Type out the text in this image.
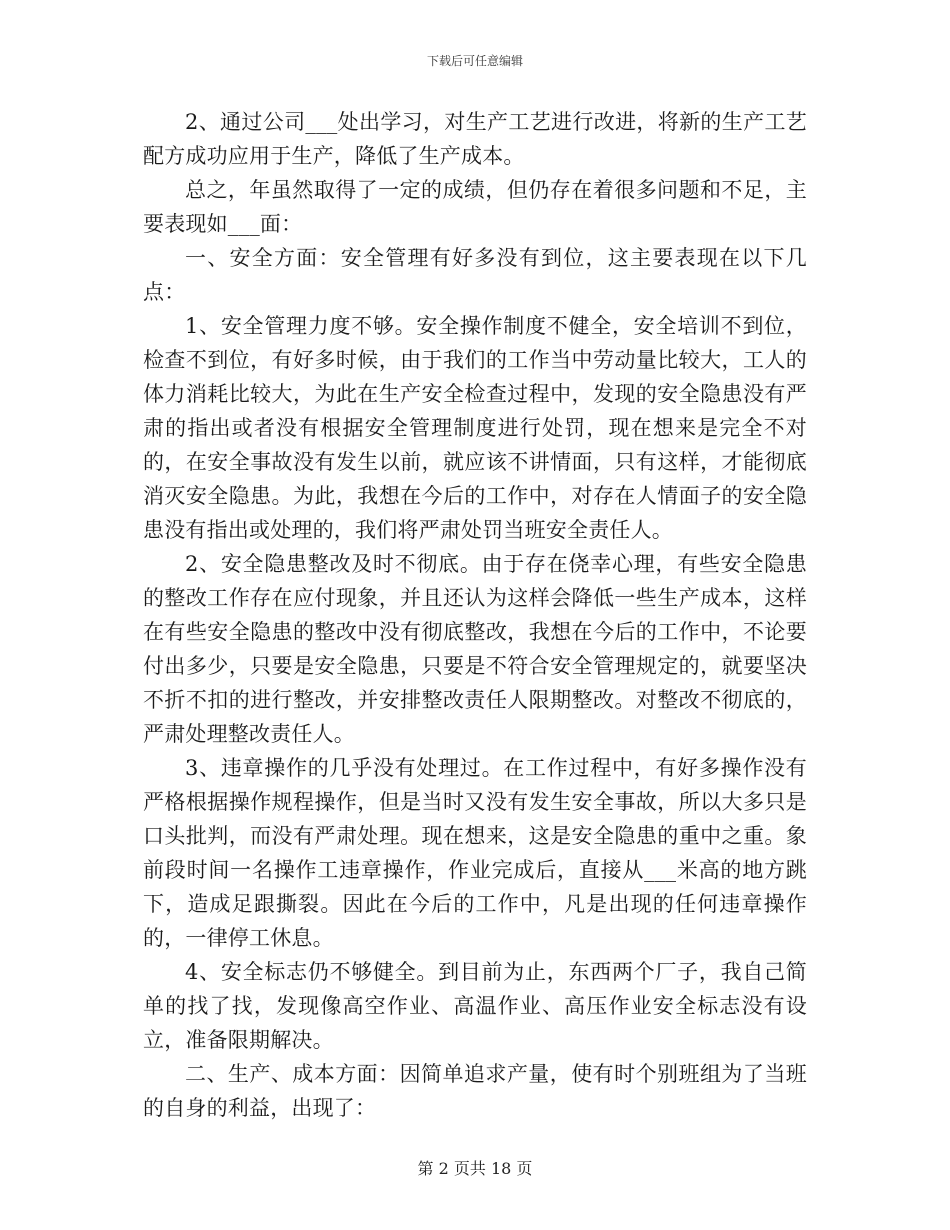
下载后可任意编辑

2、通过公司___处出学习，对生产工艺进行改进，将新的生产工艺配方成功应用于生产，降低了生产成本。

总之，年虽然取得了一定的成绩，但仍存在着很多问题和不足，主要表现如___面：

一、安全方面：安全管理有好多没有到位，这主要表现在以下几点：

1、安全管理力度不够。安全操作制度不健全，安全培训不到位，检查不到位，有好多时候，由于我们的工作当中劳动量比较大，工人的体力消耗比较大，为此在生产安全检查过程中，发现的安全隐患没有严肃的指出或者没有根据安全管理制度进行处罚，现在想来是完全不对的，在安全事故没有发生以前，就应该不讲情面，只有这样，才能彻底消灭安全隐患。为此，我想在今后的工作中，对存在人情面子的安全隐患没有指出或处理的，我们将严肃处罚当班安全责任人。

2、安全隐患整改及时不彻底。由于存在侥幸心理，有些安全隐患的整改工作存在应付现象，并且还认为这样会降低一些生产成本，这样在有些安全隐患的整改中没有彻底整改，我想在今后的工作中，不论要付出多少，只要是安全隐患，只要是不符合安全管理规定的，就要坚决不折不扣的进行整改，并安排整改责任人限期整改。对整改不彻底的，严肃处理整改责任人。

3、违章操作的几乎没有处理过。在工作过程中，有好多操作没有严格根据操作规程操作，但是当时又没有发生安全事故，所以大多只是口头批判，而没有严肃处理。现在想来，这是安全隐患的重中之重。象前段时间一名操作工违章操作，作业完成后，直接从___米高的地方跳下，造成足跟撕裂。因此在今后的工作中，凡是出现的任何违章操作的，一律停工休息。

4、安全标志仍不够健全。到目前为止，东西两个厂子，我自己简单的找了找，发现像高空作业、高温作业、高压作业安全标志没有设立，准备限期解决。

二、生产、成本方面：因简单追求产量，使有时个别班组为了当班的自身的利益，出现了：

第 2 页共 18 页
